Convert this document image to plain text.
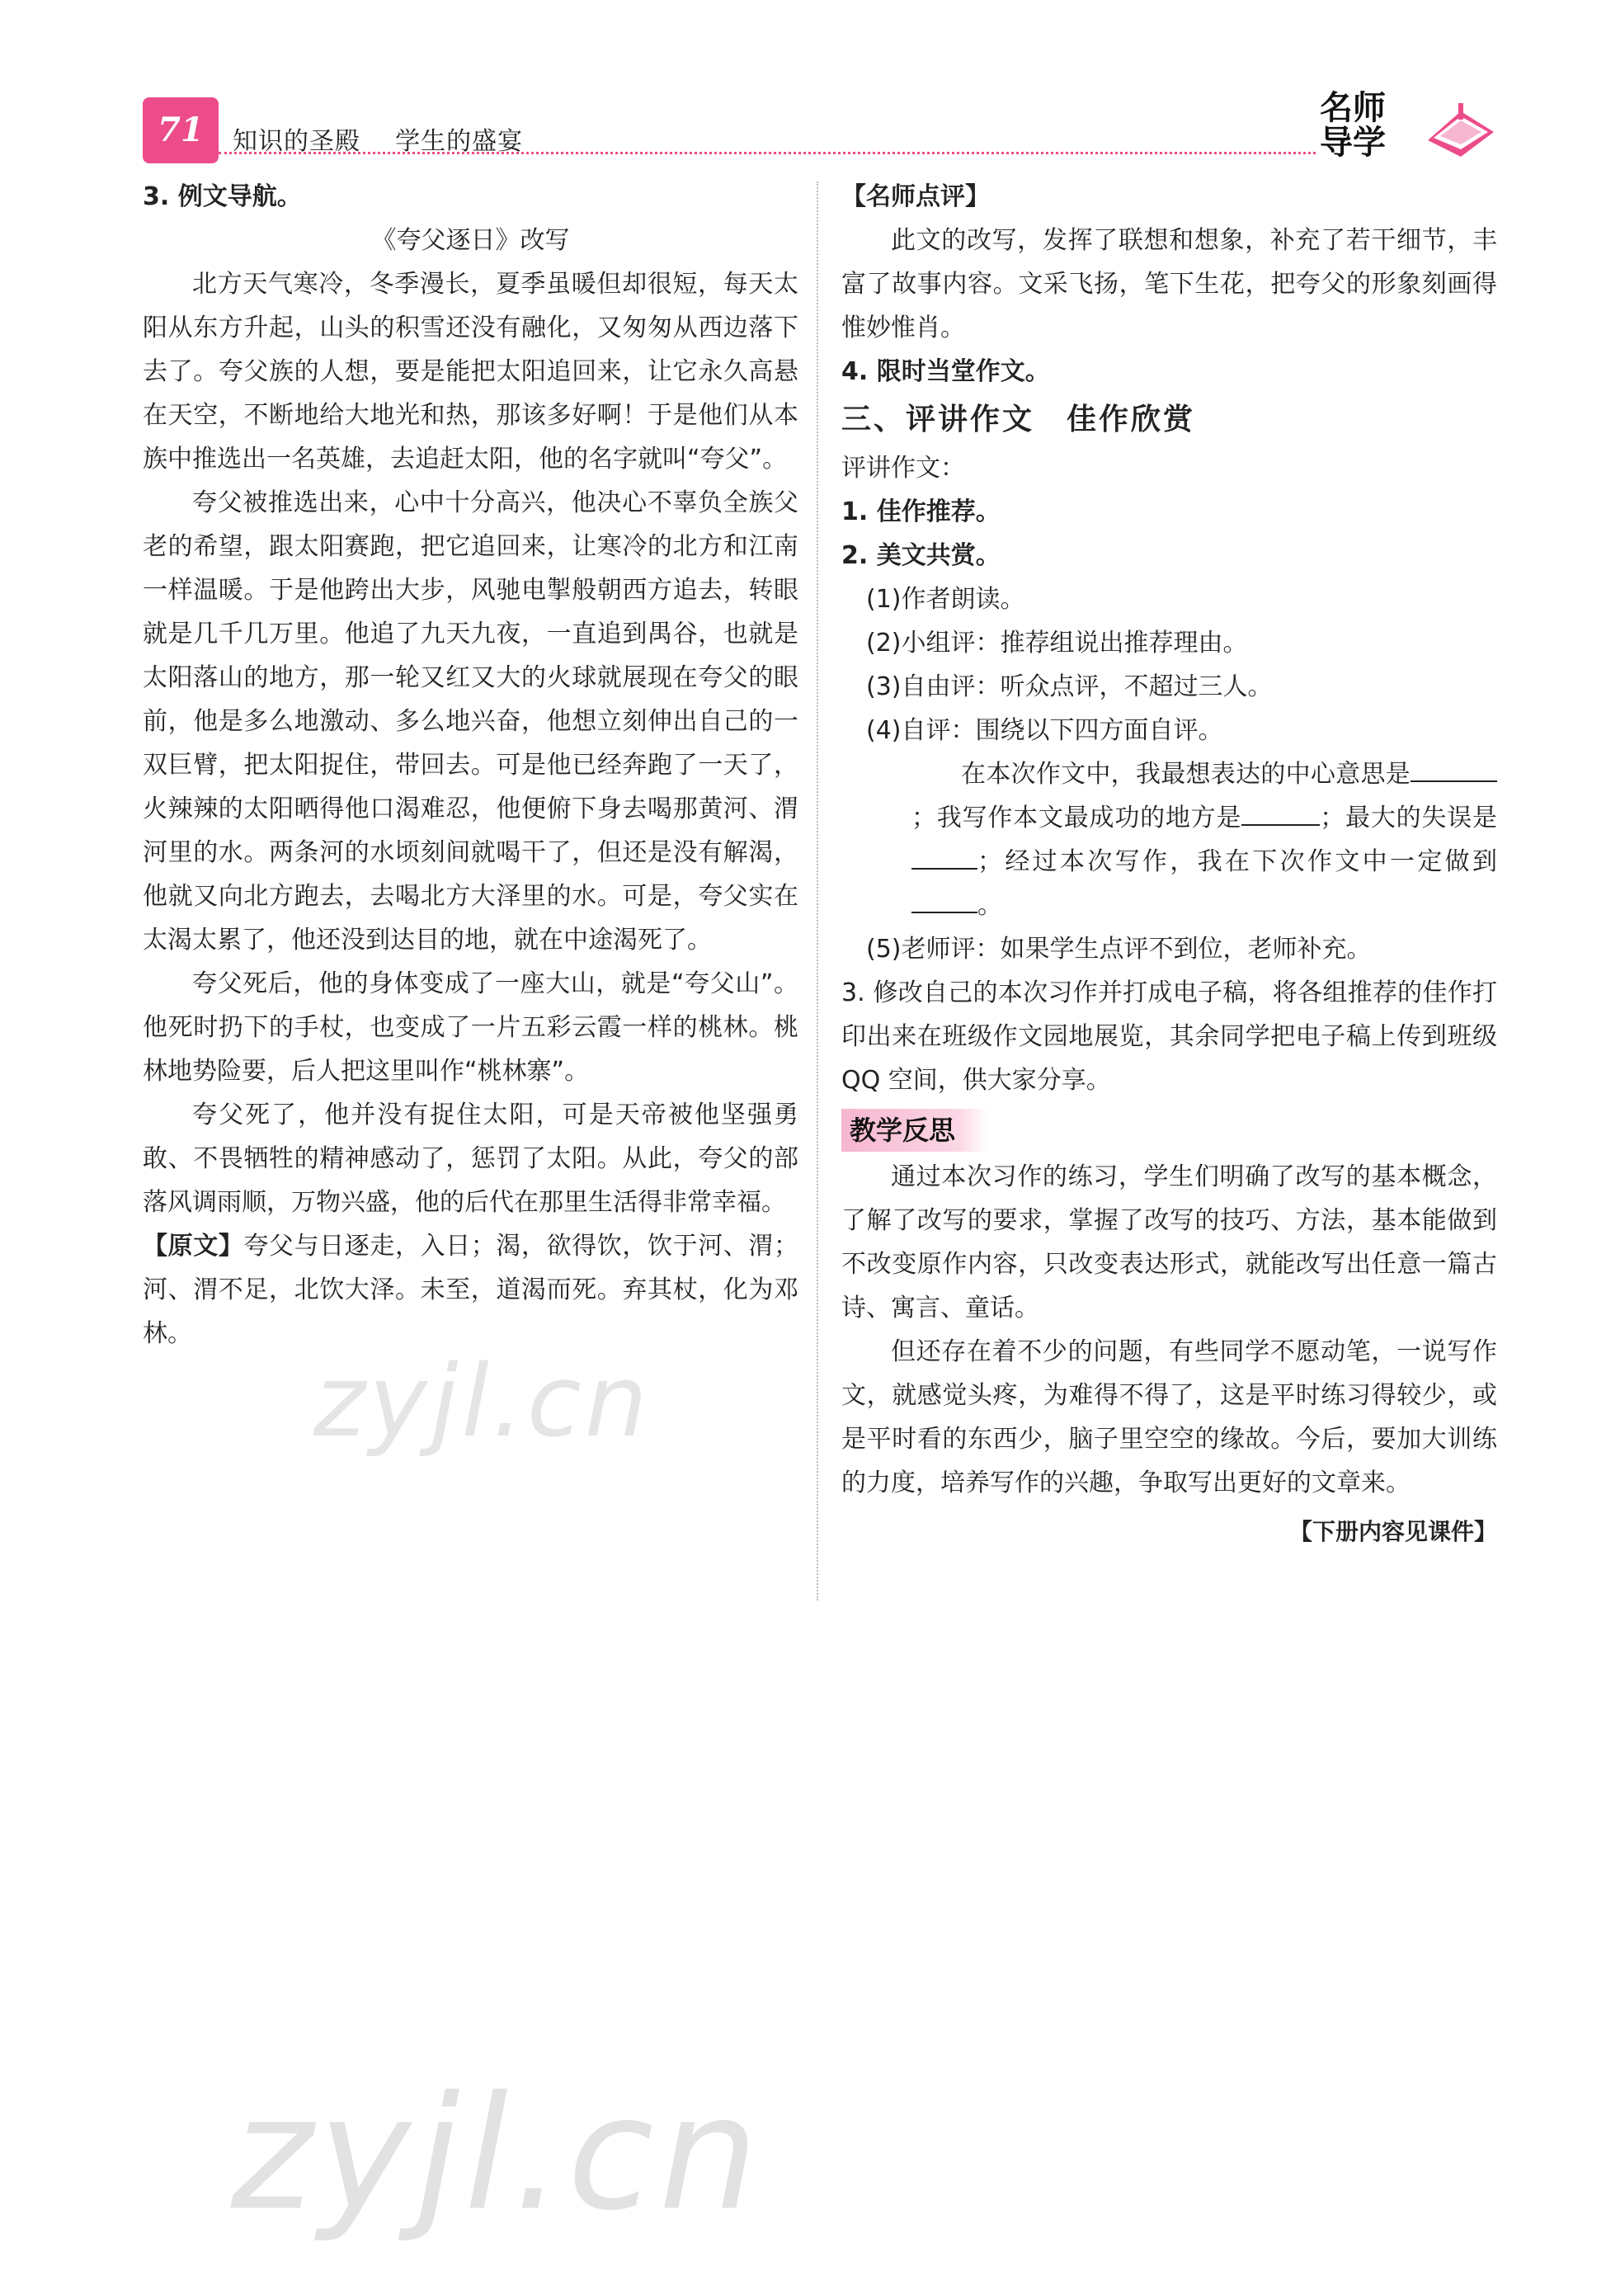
71	知识的圣殿    学生的盛宴
名师
导学

3. 例文导航。

《夸父逐日》改写

北方天气寒冷，冬季漫长，夏季虽暖但却很短，每天太阳从东方升起，山头的积雪还没有融化，又匆匆从西边落下去了。夸父族的人想，要是能把太阳追回来，让它永久高悬在天空，不断地给大地光和热，那该多好啊！于是他们从本族中推选出一名英雄，去追赶太阳，他的名字就叫“夸父”。

夸父被推选出来，心中十分高兴，他决心不辜负全族父老的希望，跟太阳赛跑，把它追回来，让寒冷的北方和江南一样温暖。于是他跨出大步，风驰电掣般朝西方追去，转眼就是几千几万里。他追了九天九夜，一直追到禺谷，也就是太阳落山的地方，那一轮又红又大的火球就展现在夸父的眼前，他是多么地激动、多么地兴奋，他想立刻伸出自己的一双巨臂，把太阳捉住，带回去。可是他已经奔跑了一天了，火辣辣的太阳晒得他口渴难忍，他便俯下身去喝那黄河、渭河里的水。两条河的水顷刻间就喝干了，但还是没有解渴，他就又向北方跑去，去喝北方大泽里的水。可是，夸父实在太渴太累了，他还没到达目的地，就在中途渴死了。

夸父死后，他的身体变成了一座大山，就是“夸父山”。他死时扔下的手杖，也变成了一片五彩云霞一样的桃林。桃林地势险要，后人把这里叫作“桃林寨”。

夸父死了，他并没有捉住太阳，可是天帝被他坚强勇敢、不畏牺牲的精神感动了，惩罚了太阳。从此，夸父的部落风调雨顺，万物兴盛，他的后代在那里生活得非常幸福。

【原文】夸父与日逐走，入日；渴，欲得饮，饮于河、渭；河、渭不足，北饮大泽。未至，道渴而死。弃其杖，化为邓林。

【名师点评】

此文的改写，发挥了联想和想象，补充了若干细节，丰富了故事内容。文采飞扬，笔下生花，把夸父的形象刻画得惟妙惟肖。

4. 限时当堂作文。

三、评讲作文　佳作欣赏

评讲作文：

1. 佳作推荐。

2. 美文共赏。

(1)作者朗读。

(2)小组评：推荐组说出推荐理由。

(3)自由评：听众点评，不超过三人。

(4)自评：围绕以下四方面自评。

在本次作文中，我最想表达的中心意思是；我写作本文最成功的地方是	；最大的失误是；经过本次写作，我在下次作文中一定做到。

(5)老师评：如果学生点评不到位，老师补充。

3. 修改自己的本次习作并打成电子稿，将各组推荐的佳作打印出来在班级作文园地展览，其余同学把电子稿上传到班级 QQ 空间，供大家分享。

教学反思

通过本次习作的练习，学生们明确了改写的基本概念，了解了改写的要求，掌握了改写的技巧、方法，基本能做到不改变原作内容，只改变表达形式，就能改写出任意一篇古诗、寓言、童话。

但还存在着不少的问题，有些同学不愿动笔，一说写作文，就感觉头疼，为难得不得了，这是平时练习得较少，或是平时看的东西少，脑子里空空的缘故。今后，要加大训练的力度，培养写作的兴趣，争取写出更好的文章来。

【下册内容见课件】

zyjl.cn
zyjl.cn
